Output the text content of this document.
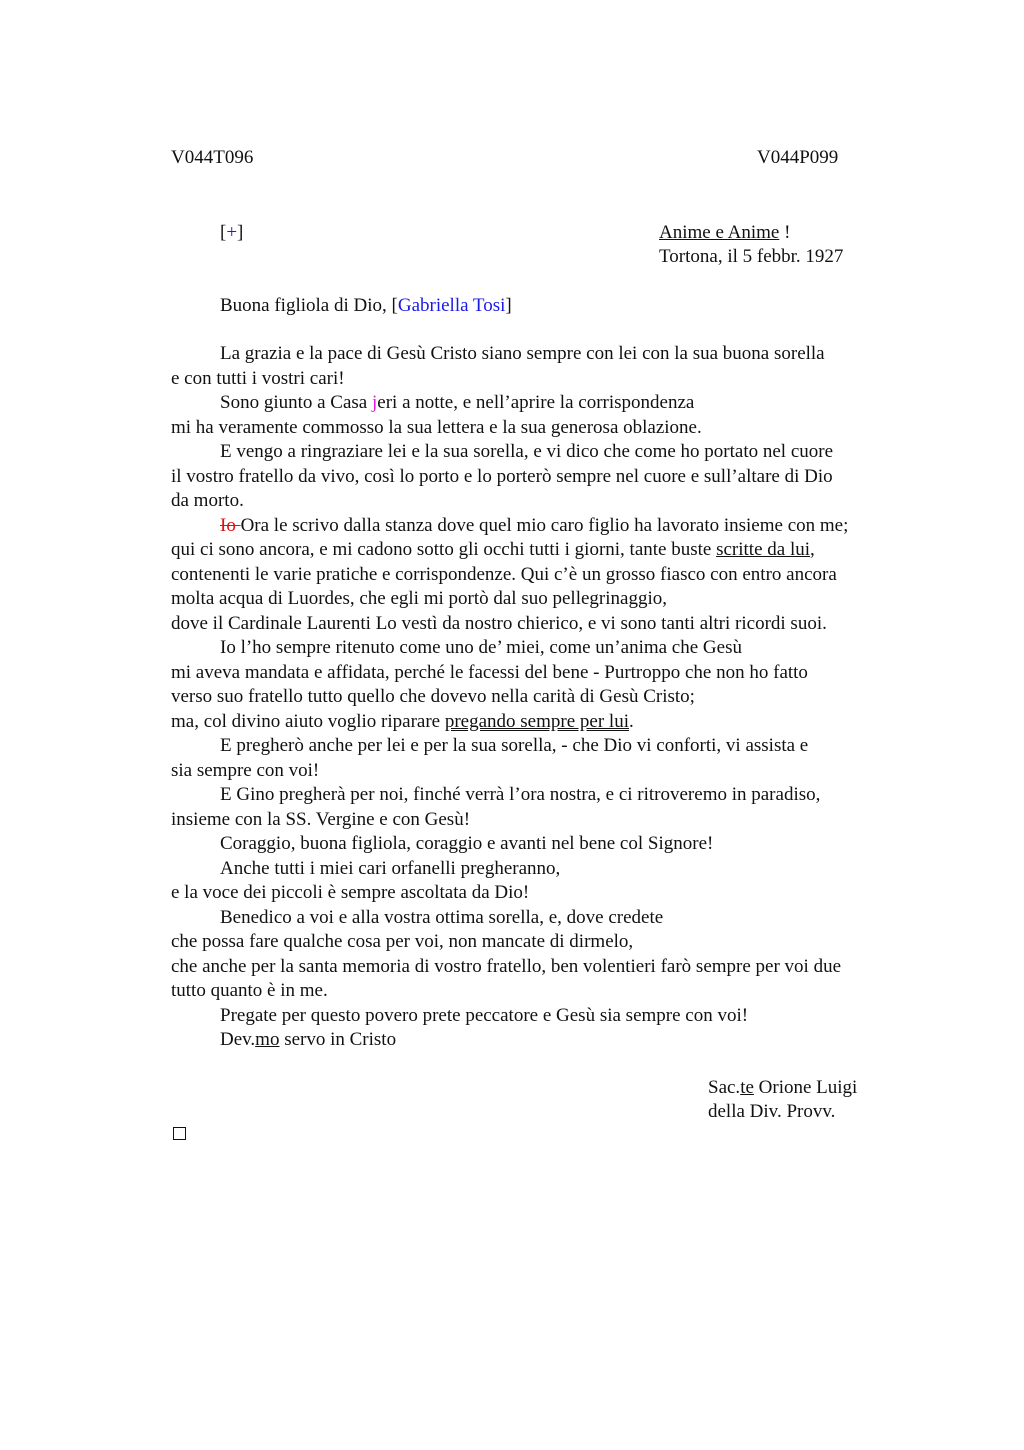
V044T096	V044P099
[+]	Anime e Anime !
Tortona, il 5 febbr. 1927
Buona figliola di Dio, [Gabriella Tosi]
La grazia e la pace di Gesù Cristo siano sempre con lei con la sua buona sorella
e con tutti i vostri cari!
Sono giunto a Casa jeri a notte, e nell’aprire la corrispondenza
mi ha veramente commosso la sua lettera e la sua generosa oblazione.
E vengo a ringraziare lei e la sua sorella, e vi dico che come ho portato nel cuore
il vostro fratello da vivo, così lo porto e lo porterò sempre nel cuore e sull’altare di Dio
da morto.
Io Ora le scrivo dalla stanza dove quel mio caro figlio ha lavorato insieme con me;
qui ci sono ancora, e mi cadono sotto gli occhi tutti i giorni, tante buste scritte da lui,
contenenti le varie pratiche e corrispondenze. Qui c’è un grosso fiasco con entro ancora
molta acqua di Luordes, che egli mi portò dal suo pellegrinaggio,
dove il Cardinale Laurenti Lo vestì da nostro chierico, e vi sono tanti altri ricordi suoi.
Io l’ho sempre ritenuto come uno de’ miei, come un’anima che Gesù
mi aveva mandata e affidata, perché le facessi del bene - Purtroppo che non ho fatto
verso suo fratello tutto quello che dovevo nella carità di Gesù Cristo;
ma, col divino aiuto voglio riparare pregando sempre per lui.
E pregherò anche per lei e per la sua sorella, - che Dio vi conforti, vi assista e
sia sempre con voi!
E Gino pregherà per noi, finché verrà l’ora nostra, e ci ritroveremo in paradiso,
insieme con la SS. Vergine e con Gesù!
Coraggio, buona figliola, coraggio e avanti nel bene col Signore!
Anche tutti i miei cari orfanelli pregheranno,
e la voce dei piccoli è sempre ascoltata da Dio!
Benedico a voi e alla vostra ottima sorella, e, dove credete
che possa fare qualche cosa per voi, non mancate di dirmelo,
che anche per la santa memoria di vostro fratello, ben volentieri farò sempre per voi due
tutto quanto è in me.
Pregate per questo povero prete peccatore e Gesù sia sempre con voi!
Dev.mo servo in Cristo
Sac.te Orione Luigi
della Div. Provv.
